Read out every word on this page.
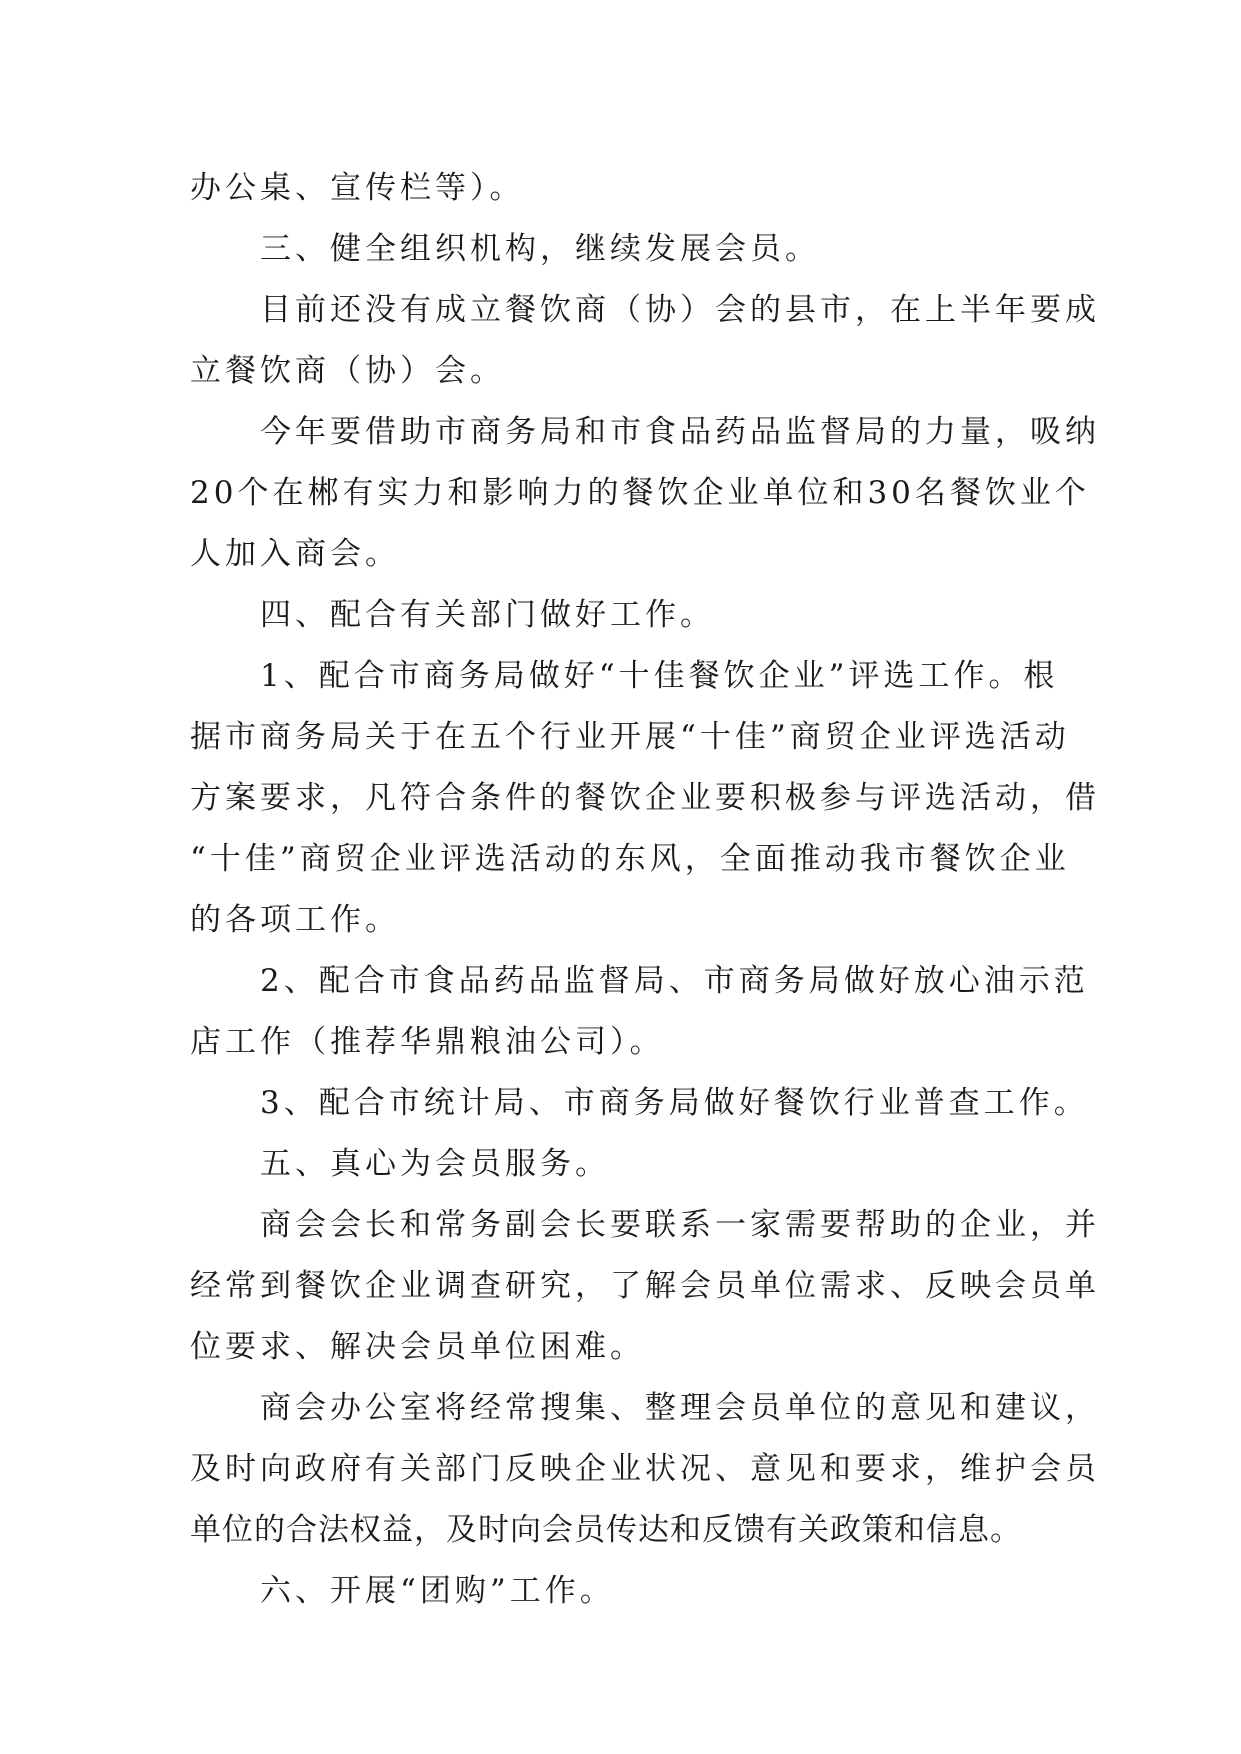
办公桌、宣传栏等）。

三、健全组织机构，继续发展会员。

目前还没有成立餐饮商（协）会的县市，在上半年要成

立餐饮商（协）会。

今年要借助市商务局和市食品药品监督局的力量，吸纳

20个在郴有实力和影响力的餐饮企业单位和30名餐饮业个

人加入商会。

四、配合有关部门做好工作。

1、配合市商务局做好“十佳餐饮企业”评选工作。根

据市商务局关于在五个行业开展“十佳”商贸企业评选活动

方案要求，凡符合条件的餐饮企业要积极参与评选活动，借

“十佳”商贸企业评选活动的东风，全面推动我市餐饮企业

的各项工作。

2、配合市食品药品监督局、市商务局做好放心油示范

店工作（推荐华鼎粮油公司）。

3、配合市统计局、市商务局做好餐饮行业普查工作。

五、真心为会员服务。

商会会长和常务副会长要联系一家需要帮助的企业，并

经常到餐饮企业调查研究，了解会员单位需求、反映会员单

位要求、解决会员单位困难。

商会办公室将经常搜集、整理会员单位的意见和建议，

及时向政府有关部门反映企业状况、意见和要求，维护会员

单位的合法权益，及时向会员传达和反馈有关政策和信息。

六、开展“团购”工作。
